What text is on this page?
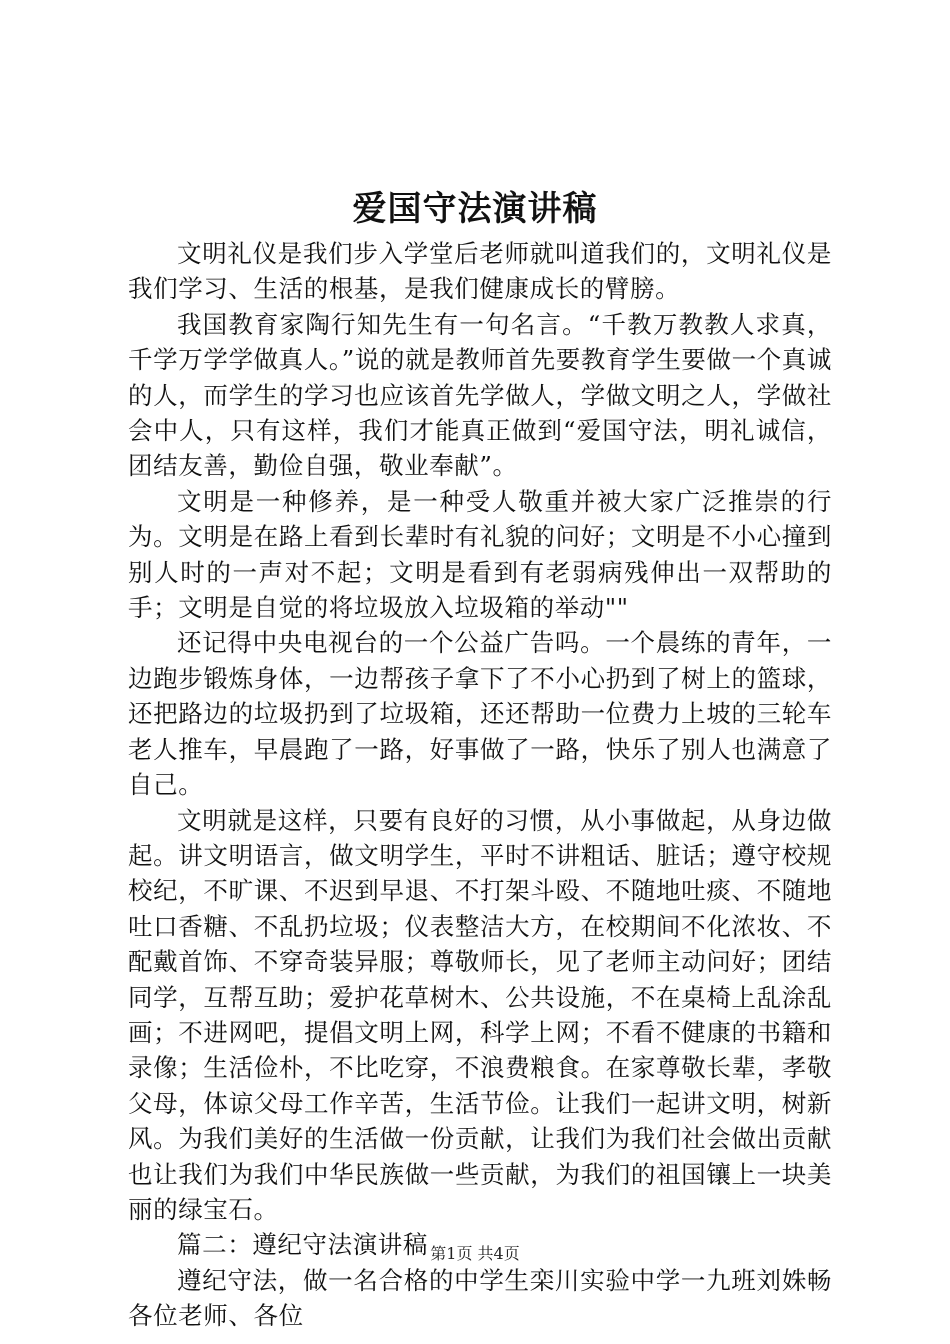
爱国守法演讲稿

文明礼仪是我们步入学堂后老师就叫道我们的，文明礼仪是我们学习、生活的根基，是我们健康成长的臂膀。

我国教育家陶行知先生有一句名言。“千教万教教人求真，千学万学学做真人。”说的就是教师首先要教育学生要做一个真诚的人，而学生的学习也应该首先学做人，学做文明之人，学做社会中人，只有这样，我们才能真正做到“爱国守法，明礼诚信，团结友善，勤俭自强，敬业奉献”。

文明是一种修养，是一种受人敬重并被大家广泛推崇的行为。文明是在路上看到长辈时有礼貌的问好；文明是不小心撞到别人时的一声对不起；文明是看到有老弱病残伸出一双帮助的手；文明是自觉的将垃圾放入垃圾箱的举动""

还记得中央电视台的一个公益广告吗。一个晨练的青年，一边跑步锻炼身体，一边帮孩子拿下了不小心扔到了树上的篮球，还把路边的垃圾扔到了垃圾箱，还还帮助一位费力上坡的三轮车老人推车，早晨跑了一路，好事做了一路，快乐了别人也满意了自己。

文明就是这样，只要有良好的习惯，从小事做起，从身边做起。讲文明语言，做文明学生，平时不讲粗话、脏话；遵守校规校纪，不旷课、不迟到早退、不打架斗殴、不随地吐痰、不随地吐口香糖、不乱扔垃圾；仪表整洁大方，在校期间不化浓妆、不配戴首饰、不穿奇装异服；尊敬师长，见了老师主动问好；团结同学，互帮互助；爱护花草树木、公共设施，不在桌椅上乱涂乱画；不进网吧，提倡文明上网，科学上网；不看不健康的书籍和录像；生活俭朴，不比吃穿，不浪费粮食。在家尊敬长辈，孝敬父母，体谅父母工作辛苦，生活节俭。让我们一起讲文明，树新风。为我们美好的生活做一份贡献，让我们为我们社会做出贡献也让我们为我们中华民族做一些贡献，为我们的祖国镶上一块美丽的绿宝石。

篇二：遵纪守法演讲稿

遵纪守法，做一名合格的中学生栾川实验中学一九班刘姝畅各位老师、各位

第1页 共4页
